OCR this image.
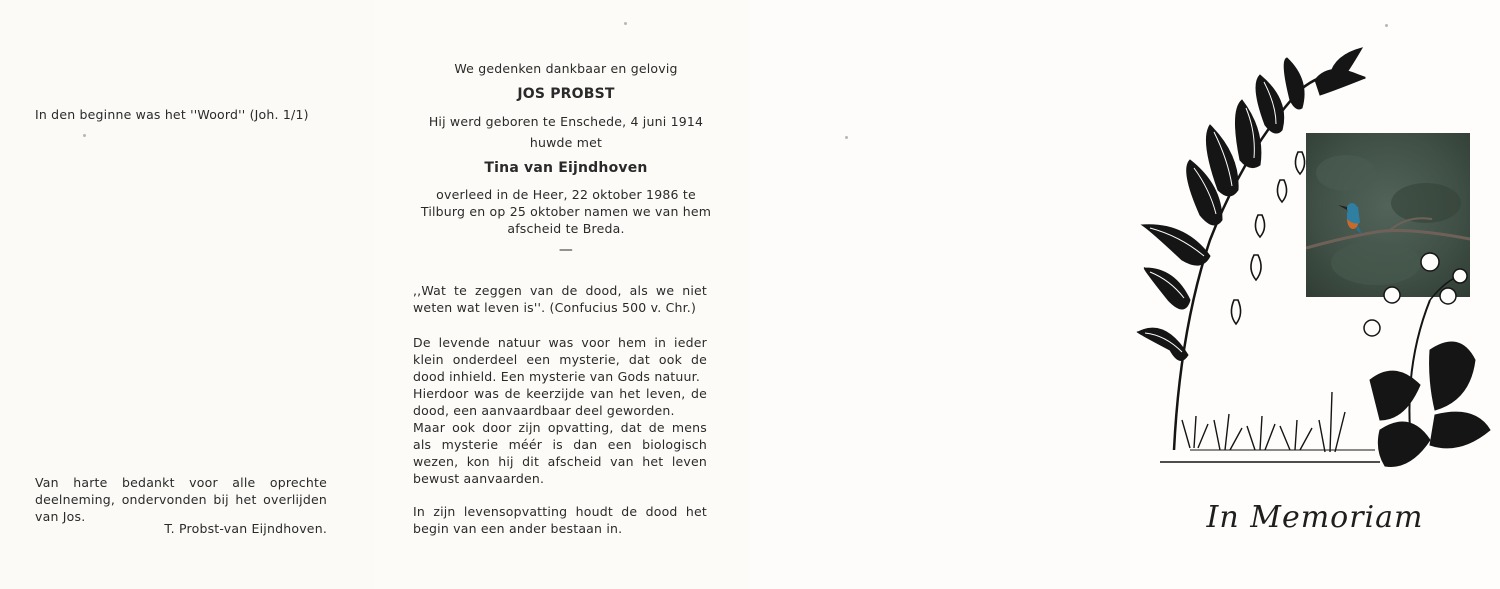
In den beginne was het ''Woord'' (Joh. 1/1)
Van harte bedankt voor alle oprechte deelneming, ondervonden bij het overlijden van Jos.
T. Probst-van Eijndhoven.
We gedenken dankbaar en gelovig
JOS PROBST
Hij werd geboren te Enschede, 4 juni 1914
huwde met
Tina van Eijndhoven
overleed in de Heer, 22 oktober 1986 te Tilburg en op 25 oktober namen we van hem afscheid te Breda.
—
,,Wat te zeggen van de dood, als we niet weten wat leven is''. (Confucius 500 v. Chr.)

De levende natuur was voor hem in ieder klein onderdeel een mysterie, dat ook de dood inhield. Een mysterie van Gods natuur.

Hierdoor was de keerzijde van het leven, de dood, een aanvaardbaar deel geworden.

Maar ook door zijn opvatting, dat de mens als mysterie méér is dan een biologisch wezen, kon hij dit afscheid van het leven bewust aanvaarden.

In zijn levensopvatting houdt de dood het begin van een ander bestaan in.	In Memoriam
